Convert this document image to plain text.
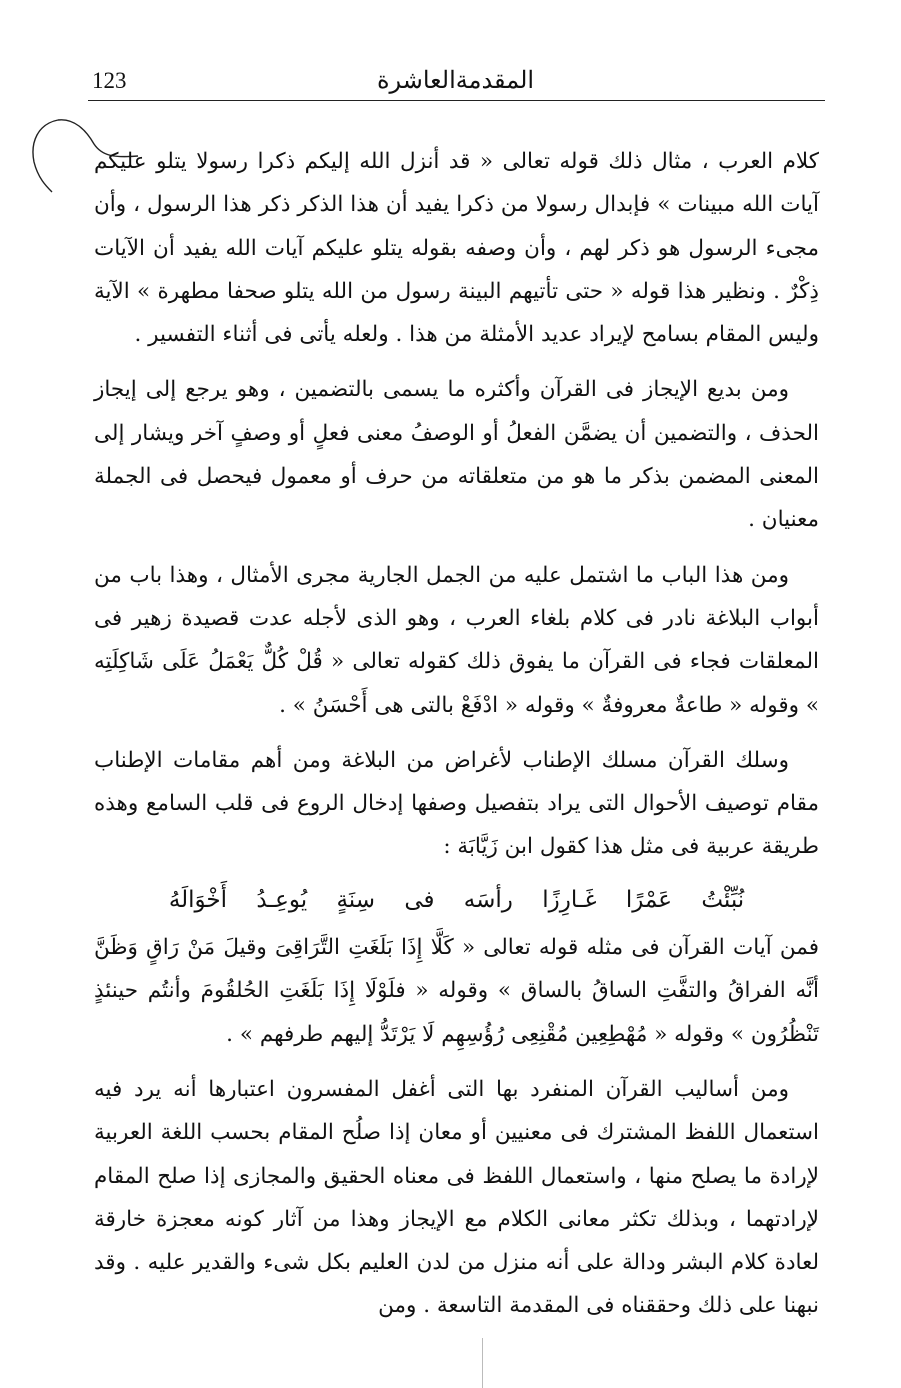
123	المقدمةالعاشرة

كلام العرب ، مثال ذلك قوله تعالى « قد أنزل الله إليكم ذكرا رسولا يتلو عليكم آيات الله مبينات » فإبدال رسولا من ذكرا يفيد أن هذا الذكر ذكر هذا الرسول ، وأن مجىء الرسول هو ذكر لهم ، وأن وصفه بقوله يتلو عليكم آيات الله يفيد أن الآيات ذِكْرٌ . ونظير هذا قوله « حتى تأتيهم البينة رسول من الله يتلو صحفا مطهرة » الآية وليس المقام بسامح لإيراد عديد الأمثلة من هذا . ولعله يأتى فى أثناء التفسير .

ومن بديع الإيجاز فى القرآن وأكثره ما يسمى بالتضمين ، وهو يرجع إلى إيجاز الحذف ، والتضمين أن يضمَّن الفعلُ أو الوصفُ معنى فعلٍ أو وصفٍ آخر ويشار إلى المعنى المضمن بذكر ما هو من متعلقاته من حرف أو معمول فيحصل فى الجملة معنيان .

ومن هذا الباب ما اشتمل عليه من الجمل الجارية مجرى الأمثال ، وهذا باب من أبواب البلاغة نادر فى كلام بلغاء العرب ، وهو الذى لأجله عدت قصيدة زهير فى المعلقات فجاء فى القرآن ما يفوق ذلك كقوله تعالى « قُلْ كُلٌّ يَعْمَلُ عَلَى شَاكِلَتِه » وقوله « طاعةٌ معروفةٌ » وقوله « ادْفَعْ بالتى هى أَحْسَنُ » .

وسلك القرآن مسلك الإطناب لأغراض من البلاغة ومن أهم مقامات الإطناب مقام توصيف الأحوال التى يراد بتفصيل وصفها إدخال الروع فى قلب السامع وهذه طريقة عربية فى مثل هذا كقول ابن زَيَّابَة :

نُبِّئْتُ عَمْرًا غَـارِزًا رأسَه فى سِنَةٍ يُوعِـدُ أَخْوَالَهُ

فمن آيات القرآن فى مثله قوله تعالى « كَلَّا إِذَا بَلَغَتِ التَّرَاقِىَ وقيلَ مَنْ رَاقٍ وَظَنَّ أنَّه الفراقُ والتفَّتِ الساقُ بالساق » وقوله « فلَوْلَا إِذَا بَلَغَتِ الحُلقُومَ وأنتُم حينئذٍ تَنْظُرُون » وقوله « مُهْطِعِين مُقْنِعِى رُؤُسِهِم لَا يَرْتَدُّ إليهم طرفهم » .

ومن أساليب القرآن المنفرد بها التى أغفل المفسرون اعتبارها أنه يرد فيه استعمال اللفظ المشترك فى معنيين أو معان إذا صلُح المقام بحسب اللغة العربية لإرادة ما يصلح منها ، واستعمال اللفظ فى معناه الحقيق والمجازى إذا صلح المقام لإرادتهما ، وبذلك تكثر معانى الكلام مع الإيجاز وهذا من آثار كونه معجزة خارقة لعادة كلام البشر ودالة على أنه منزل من لدن العليم بكل شىء والقدير عليه . وقد نبهنا على ذلك وحققناه فى المقدمة التاسعة . ومن
